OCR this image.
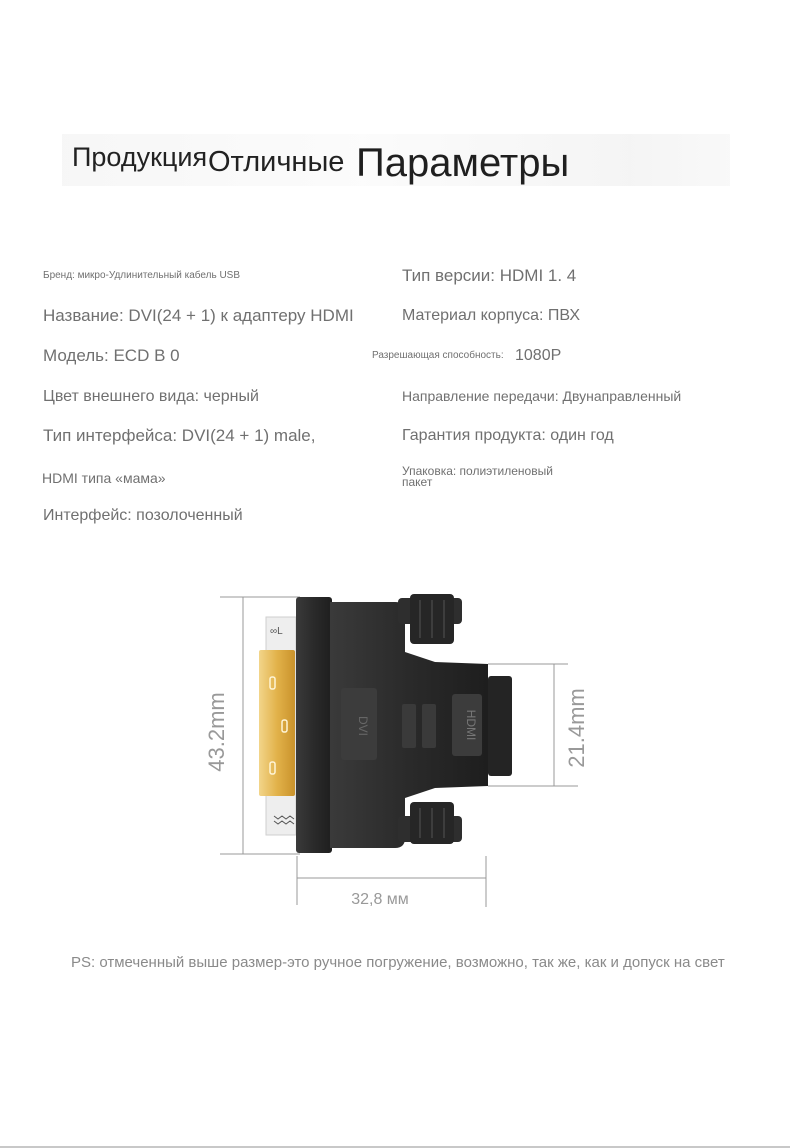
Продукция Отличные Параметры
Бренд: микро-Удлинительный кабель USB	Тип версии: HDMI 1. 4
Название: DVI(24 + 1) к адаптеру HDMI	Материал корпуса: ПВХ
Модель: ECD B 0	Разрешающая способность: 1080P
Цвет внешнего вида: черный	Направление передачи: Двунаправленный
Тип интерфейса: DVI(24 + 1) male,	Гарантия продукта: один год
HDMI типа «мама»	Упаковка: полиэтиленовый
пакет
Интерфейс: позолоченный
∞L
DVI	HDMI
43.2mm	21.4mm
32,8 мм
PS: отмеченный выше размер-это ручное погружение, возможно, так же, как и допуск на свет
